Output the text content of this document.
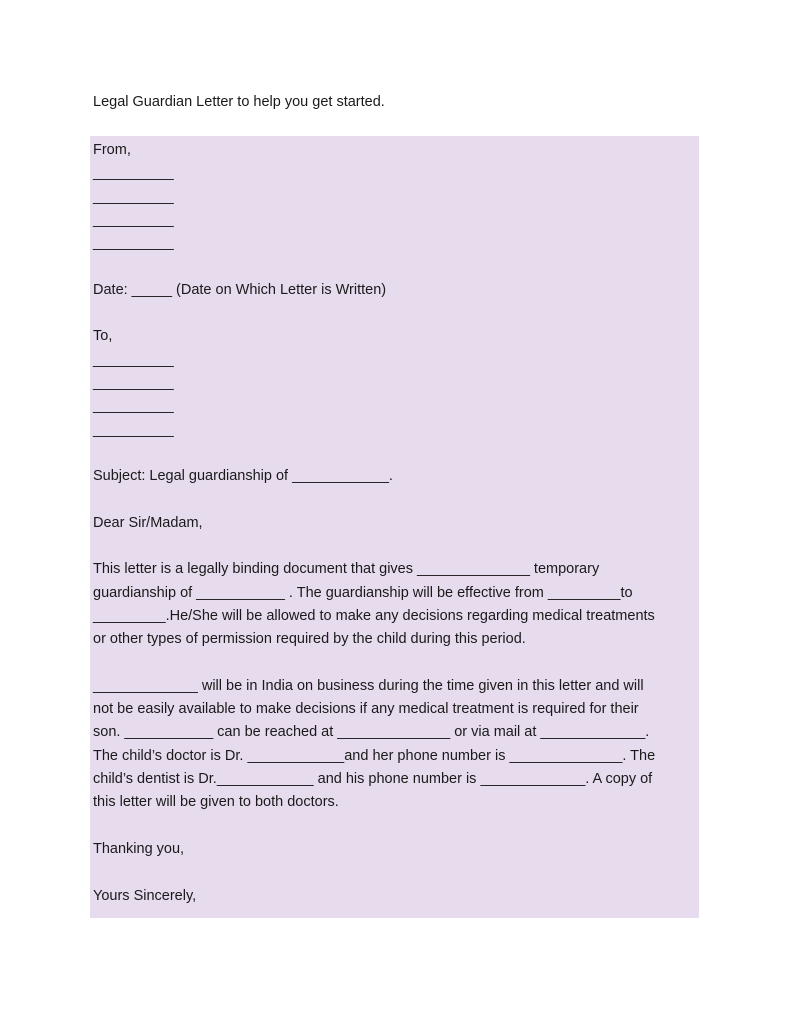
Legal Guardian Letter to help you get started.

From,

__________

__________

__________

__________

Date: _____ (Date on Which Letter is Written)

To,

__________

__________

__________

__________

Subject: Legal guardianship of ____________.

Dear Sir/Madam,

This letter is a legally binding document that gives ______________ temporary

guardianship of ___________ . The guardianship will be effective from _________to

_________.He/She will be allowed to make any decisions regarding medical treatments

or other types of permission required by the child during this period.

_____________ will be in India on business during the time given in this letter and will

not be easily available to make decisions if any medical treatment is required for their

son. ___________ can be reached at ______________ or via mail at _____________.

The child’s doctor is Dr. ____________and her phone number is ______________. The

child’s dentist is Dr.____________ and his phone number is _____________. A copy of

this letter will be given to both doctors.

Thanking you,

Yours Sincerely,
